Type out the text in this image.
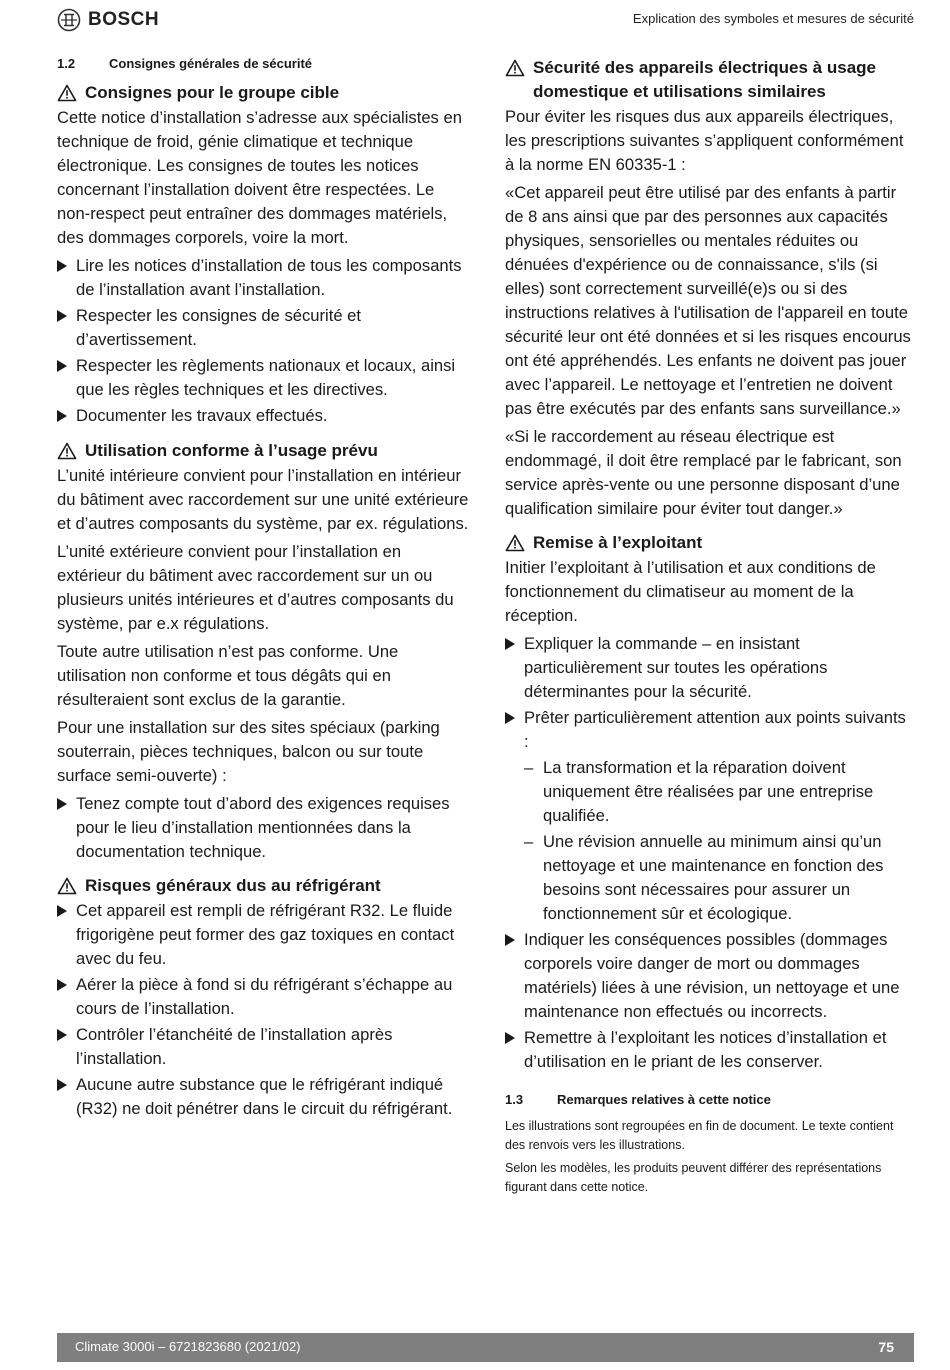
BOSCH	Explication des symboles et mesures de sécurité
1.2	Consignes générales de sécurité
Consignes pour le groupe cible

Cette notice d’installation s’adresse aux spécialistes en technique de froid, génie climatique et technique électronique. Les consignes de toutes les notices concernant l’installation doivent être respectées. Le non-respect peut entraîner des dommages matériels, des dommages corporels, voire la mort.

Lire les notices d’installation de tous les composants de l’installation avant l’installation.
Respecter les consignes de sécurité et d’avertissement.
Respecter les règlements nationaux et locaux, ainsi que les règles techniques et les directives.
Documenter les travaux effectués.
Utilisation conforme à l’usage prévu

L’unité intérieure convient pour l’installation en intérieur du bâtiment avec raccordement sur une unité extérieure et d’autres composants du système, par ex. régulations.

L’unité extérieure convient pour l’installation en extérieur du bâtiment avec raccordement sur un ou plusieurs unités intérieures et d’autres composants du système, par e.x régulations.

Toute autre utilisation n’est pas conforme. Une utilisation non conforme et tous dégâts qui en résulteraient sont exclus de la garantie.

Pour une installation sur des sites spéciaux (parking souterrain, pièces techniques, balcon ou sur toute surface semi-ouverte) :

Tenez compte tout d’abord des exigences requises pour le lieu d’installation mentionnées dans la documentation technique.
Risques généraux dus au réfrigérant
Cet appareil est rempli de réfrigérant R32. Le fluide frigorigène peut former des gaz toxiques en contact avec du feu.
Aérer la pièce à fond si du réfrigérant s’échappe au cours de l’installation.
Contrôler l’étanchéité de l’installation après l’installation.
Aucune autre substance que le réfrigérant indiqué (R32) ne doit pénétrer dans le circuit du réfrigérant.
Sécurité des appareils électriques à usage
domestique et utilisations similaires

Pour éviter les risques dus aux appareils électriques, les prescriptions suivantes s’appliquent conformément à la norme EN 60335-1 :

«Cet appareil peut être utilisé par des enfants à partir de 8 ans ainsi que par des personnes aux capacités physiques, sensorielles ou mentales réduites ou dénuées d'expérience ou de connaissance, s'ils (si elles) sont correctement surveillé(e)s ou si des instructions relatives à l'utilisation de l'appareil en toute sécurité leur ont été données et si les risques encourus ont été appréhendés. Les enfants ne doivent pas jouer avec l’appareil. Le nettoyage et l’entretien ne doivent pas être exécutés par des enfants sans surveillance.»

«Si le raccordement au réseau électrique est endommagé, il doit être remplacé par le fabricant, son service après-vente ou une personne disposant d’une qualification similaire pour éviter tout danger.»

Remise à l’exploitant

Initier l’exploitant à l’utilisation et aux conditions de fonctionnement du climatiseur au moment de la réception.

Expliquer la commande – en insistant particulièrement sur toutes les opérations déterminantes pour la sécurité.
Prêter particulièrement attention aux points suivants :
– La transformation et la réparation doivent uniquement être réalisées par une entreprise qualifiée.
– Une révision annuelle au minimum ainsi qu’un nettoyage et une maintenance en fonction des besoins sont nécessaires pour assurer un fonctionnement sûr et écologique.
Indiquer les conséquences possibles (dommages corporels voire danger de mort ou dommages matériels) liées à une révision, un nettoyage et une maintenance non effectués ou incorrects.
Remettre à l’exploitant les notices d’installation et d’utilisation en le priant de les conserver.
1.3	Remarques relatives à cette notice

Les illustrations sont regroupées en fin de document. Le texte contient des renvois vers les illustrations.

Selon les modèles, les produits peuvent différer des représentations figurant dans cette notice.

Climate 3000i – 6721823680 (2021/02)	75
